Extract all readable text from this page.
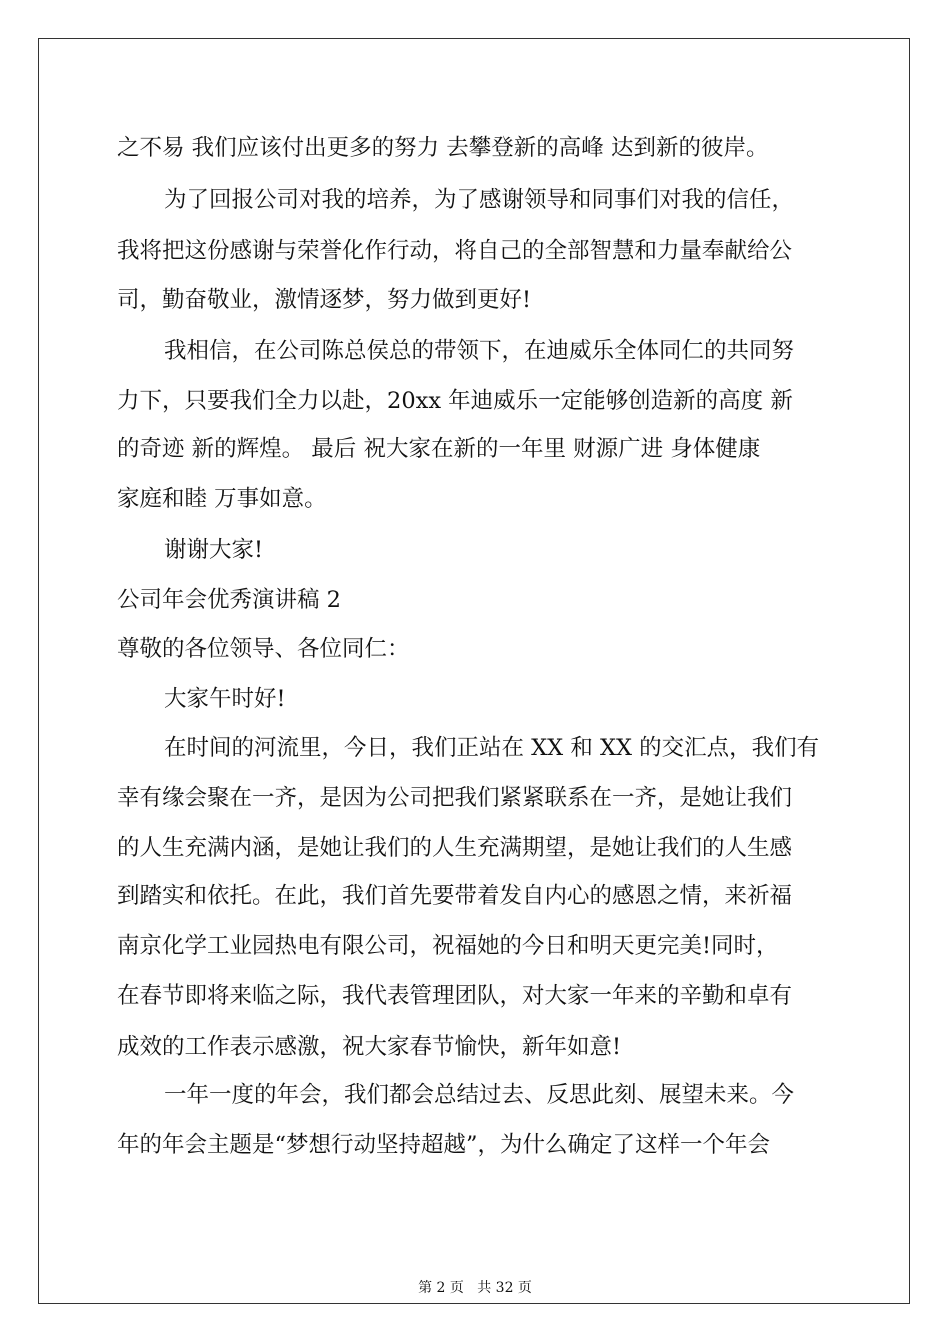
之不易 我们应该付出更多的努力 去攀登新的高峰 达到新的彼岸。
为了回报公司对我的培养，为了感谢领导和同事们对我的信任，
我将把这份感谢与荣誉化作行动，将自己的全部智慧和力量奉献给公
司，勤奋敬业，激情逐梦，努力做到更好!
我相信，在公司陈总侯总的带领下，在迪威乐全体同仁的共同努
力下，只要我们全力以赴，20xx 年迪威乐一定能够创造新的高度 新
的奇迹 新的辉煌。 最后 祝大家在新的一年里 财源广进 身体健康
家庭和睦 万事如意。
谢谢大家!
公司年会优秀演讲稿 2
尊敬的各位领导、各位同仁：
大家午时好!
在时间的河流里，今日，我们正站在 XX 和 XX 的交汇点，我们有
幸有缘会聚在一齐，是因为公司把我们紧紧联系在一齐，是她让我们
的人生充满内涵，是她让我们的人生充满期望，是她让我们的人生感
到踏实和依托。在此，我们首先要带着发自内心的感恩之情，来祈福
南京化学工业园热电有限公司，祝福她的今日和明天更完美!同时，
在春节即将来临之际，我代表管理团队，对大家一年来的辛勤和卓有
成效的工作表示感激，祝大家春节愉快，新年如意!
一年一度的年会，我们都会总结过去、反思此刻、展望未来。今
年的年会主题是“梦想行动坚持超越”，为什么确定了这样一个年会
第 2 页   共 32 页
